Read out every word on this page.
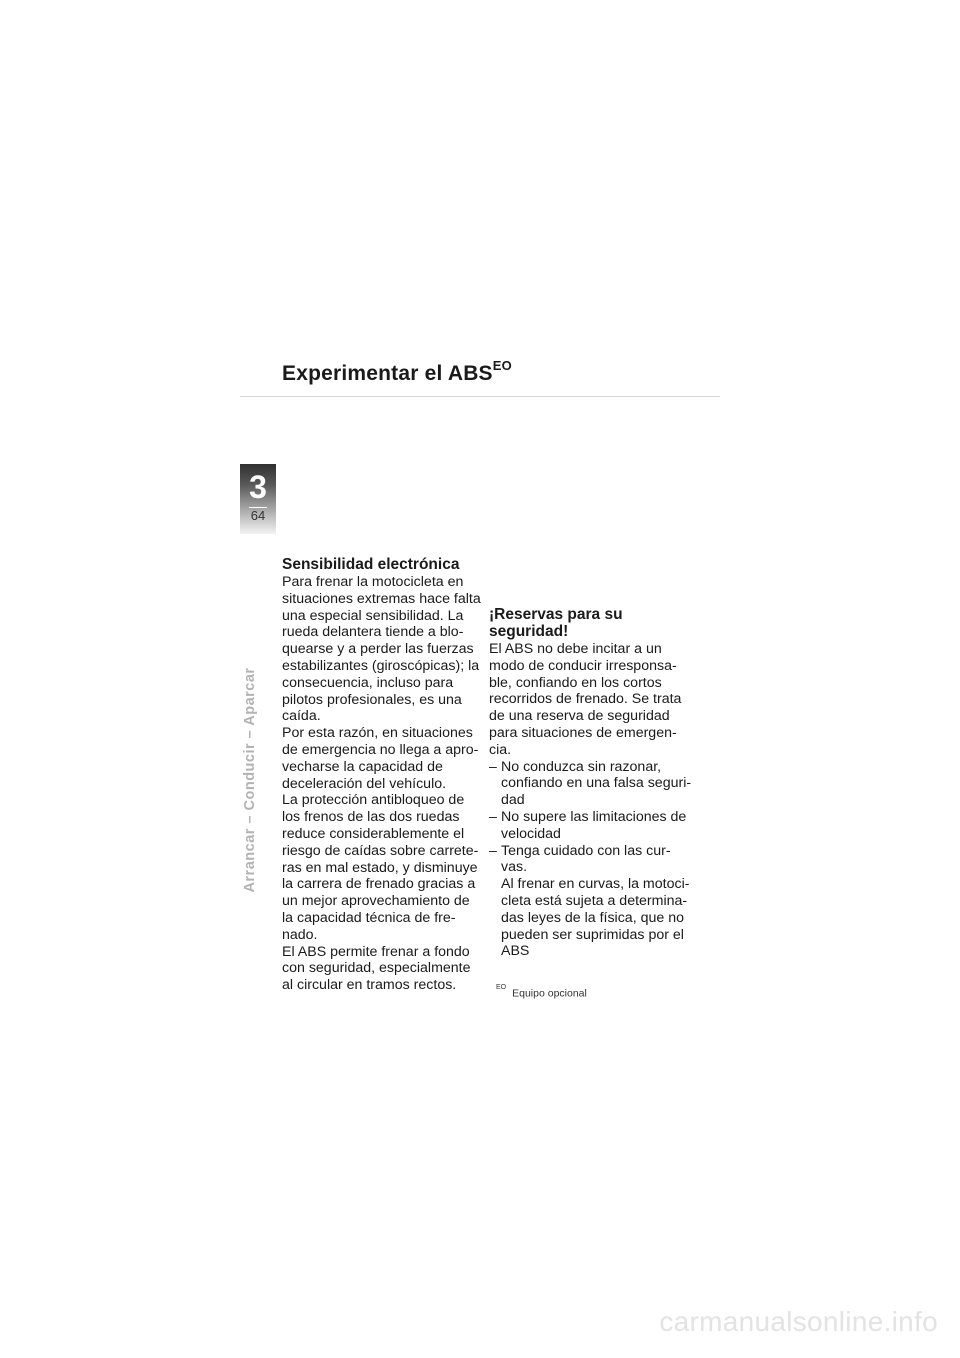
Experimentar el $ABS^{EO}$
3
64
Arrancar – Conducir – Aparcar
Sensibilidad electrónica

Para frenar la motocicleta en situaciones extremas hace falta una especial sensibilidad. La rueda delantera tiende a blo-quearse y a perder las fuerzas estabilizantes (giroscópicas); la consecuencia, incluso para pilotos profesionales, es una caída.

Por esta razón, en situaciones de emergencia no llega a apro-vecharse la capacidad de deceleración del vehículo.

La protección antibloqueo de los frenos de las dos ruedas reduce considerablemente el riesgo de caídas sobre carrete-ras en mal estado, y disminuye la carrera de frenado gracias a un mejor aprovechamiento de la capacidad técnica de fre-nado.

El ABS permite frenar a fondo con seguridad, especialmente al circular en tramos rectos.

¡Reservas para su seguridad!

El ABS no debe incitar a un modo de conducir irresponsa-ble, confiando en los cortos recorridos de frenado. Se trata de una reserva de seguridad para situaciones de emergen-cia.

– No conduzca sin razonar, confiando en una falsa seguri-dad
– No supere las limitaciones de velocidad
– Tenga cuidado con las cur-vas.

Al frenar en curvas, la motoci-cleta está sujeta a determina-das leyes de la física, que no pueden ser suprimidas por el ABS

$^{EO}$ Equipo opcional
carmanualsonline.info
